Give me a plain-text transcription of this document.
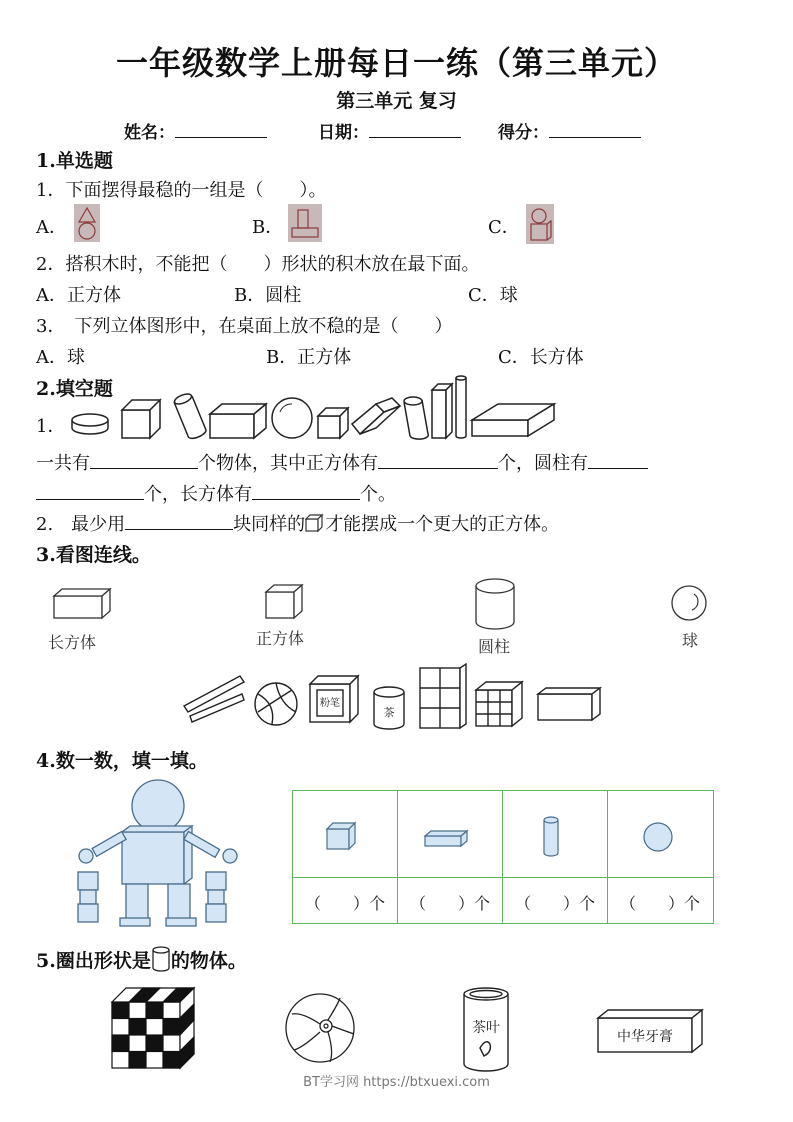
一年级数学上册每日一练（第三单元）
第三单元 复习
姓名：	日期：	得分：
1.单选题
1．下面摆得最稳的一组是（　　）。
A．	B．	C．
2．搭积木时，不能把（　　）形状的积木放在最下面。
A．正方体	B．圆柱	C．球
3．　下列立体图形中，在桌面上放不稳的是（　　）
A．球	B．正方体	C．长方体
2.填空题
1．
一共有	个物体，其中正方体有	个，圆柱有
个，长方体有	个。
2.　最少用	块同样的 才能摆成一个更大的正方体。
3.看图连线。
长方体	正方体	圆柱	球
粉笔
茶
4.数一数，填一填。
（　　）个	（　　）个	（　　）个	（　　）个
5.圈出形状是 的物体。
茶叶
中华牙膏
BT学习网 https://btxuexi.com
